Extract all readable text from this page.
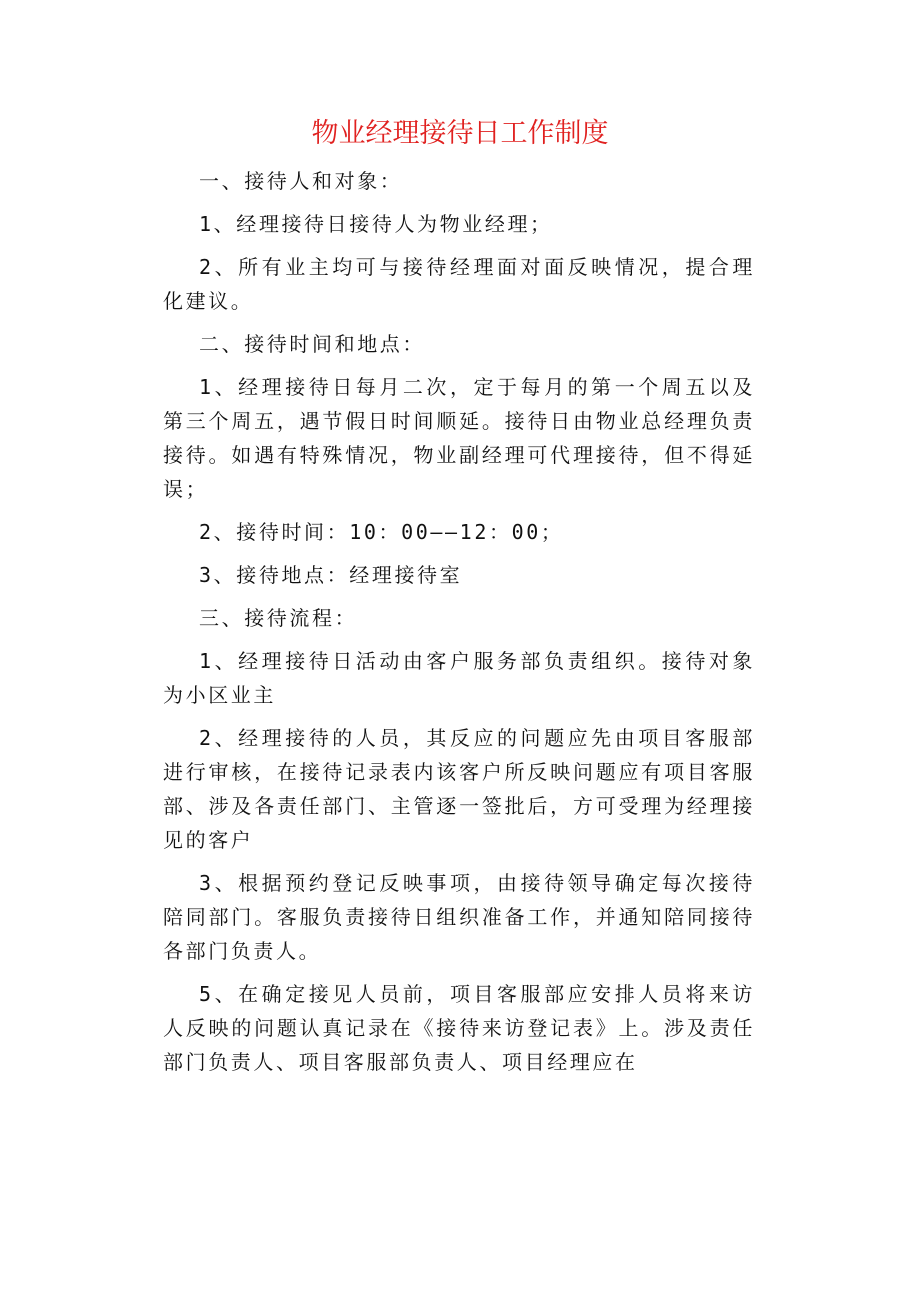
物业经理接待日工作制度

一、接待人和对象：

1、经理接待日接待人为物业经理；

2、所有业主均可与接待经理面对面反映情况，提合理化建议。

二、接待时间和地点：

1、经理接待日每月二次，定于每月的第一个周五以及第三个周五，遇节假日时间顺延。接待日由物业总经理负责接待。如遇有特殊情况，物业副经理可代理接待，但不得延误；

2、接待时间：10：00——12：00；

3、接待地点：经理接待室

三、接待流程：

1、经理接待日活动由客户服务部负责组织。接待对象为小区业主

2、经理接待的人员，其反应的问题应先由项目客服部进行审核，在接待记录表内该客户所反映问题应有项目客服部、涉及各责任部门、主管逐一签批后，方可受理为经理接见的客户

3、根据预约登记反映事项，由接待领导确定每次接待陪同部门。客服负责接待日组织准备工作，并通知陪同接待各部门负责人。

5、在确定接见人员前，项目客服部应安排人员将来访人反映的问题认真记录在《接待来访登记表》上。涉及责任部门负责人、项目客服部负责人、项目经理应在
